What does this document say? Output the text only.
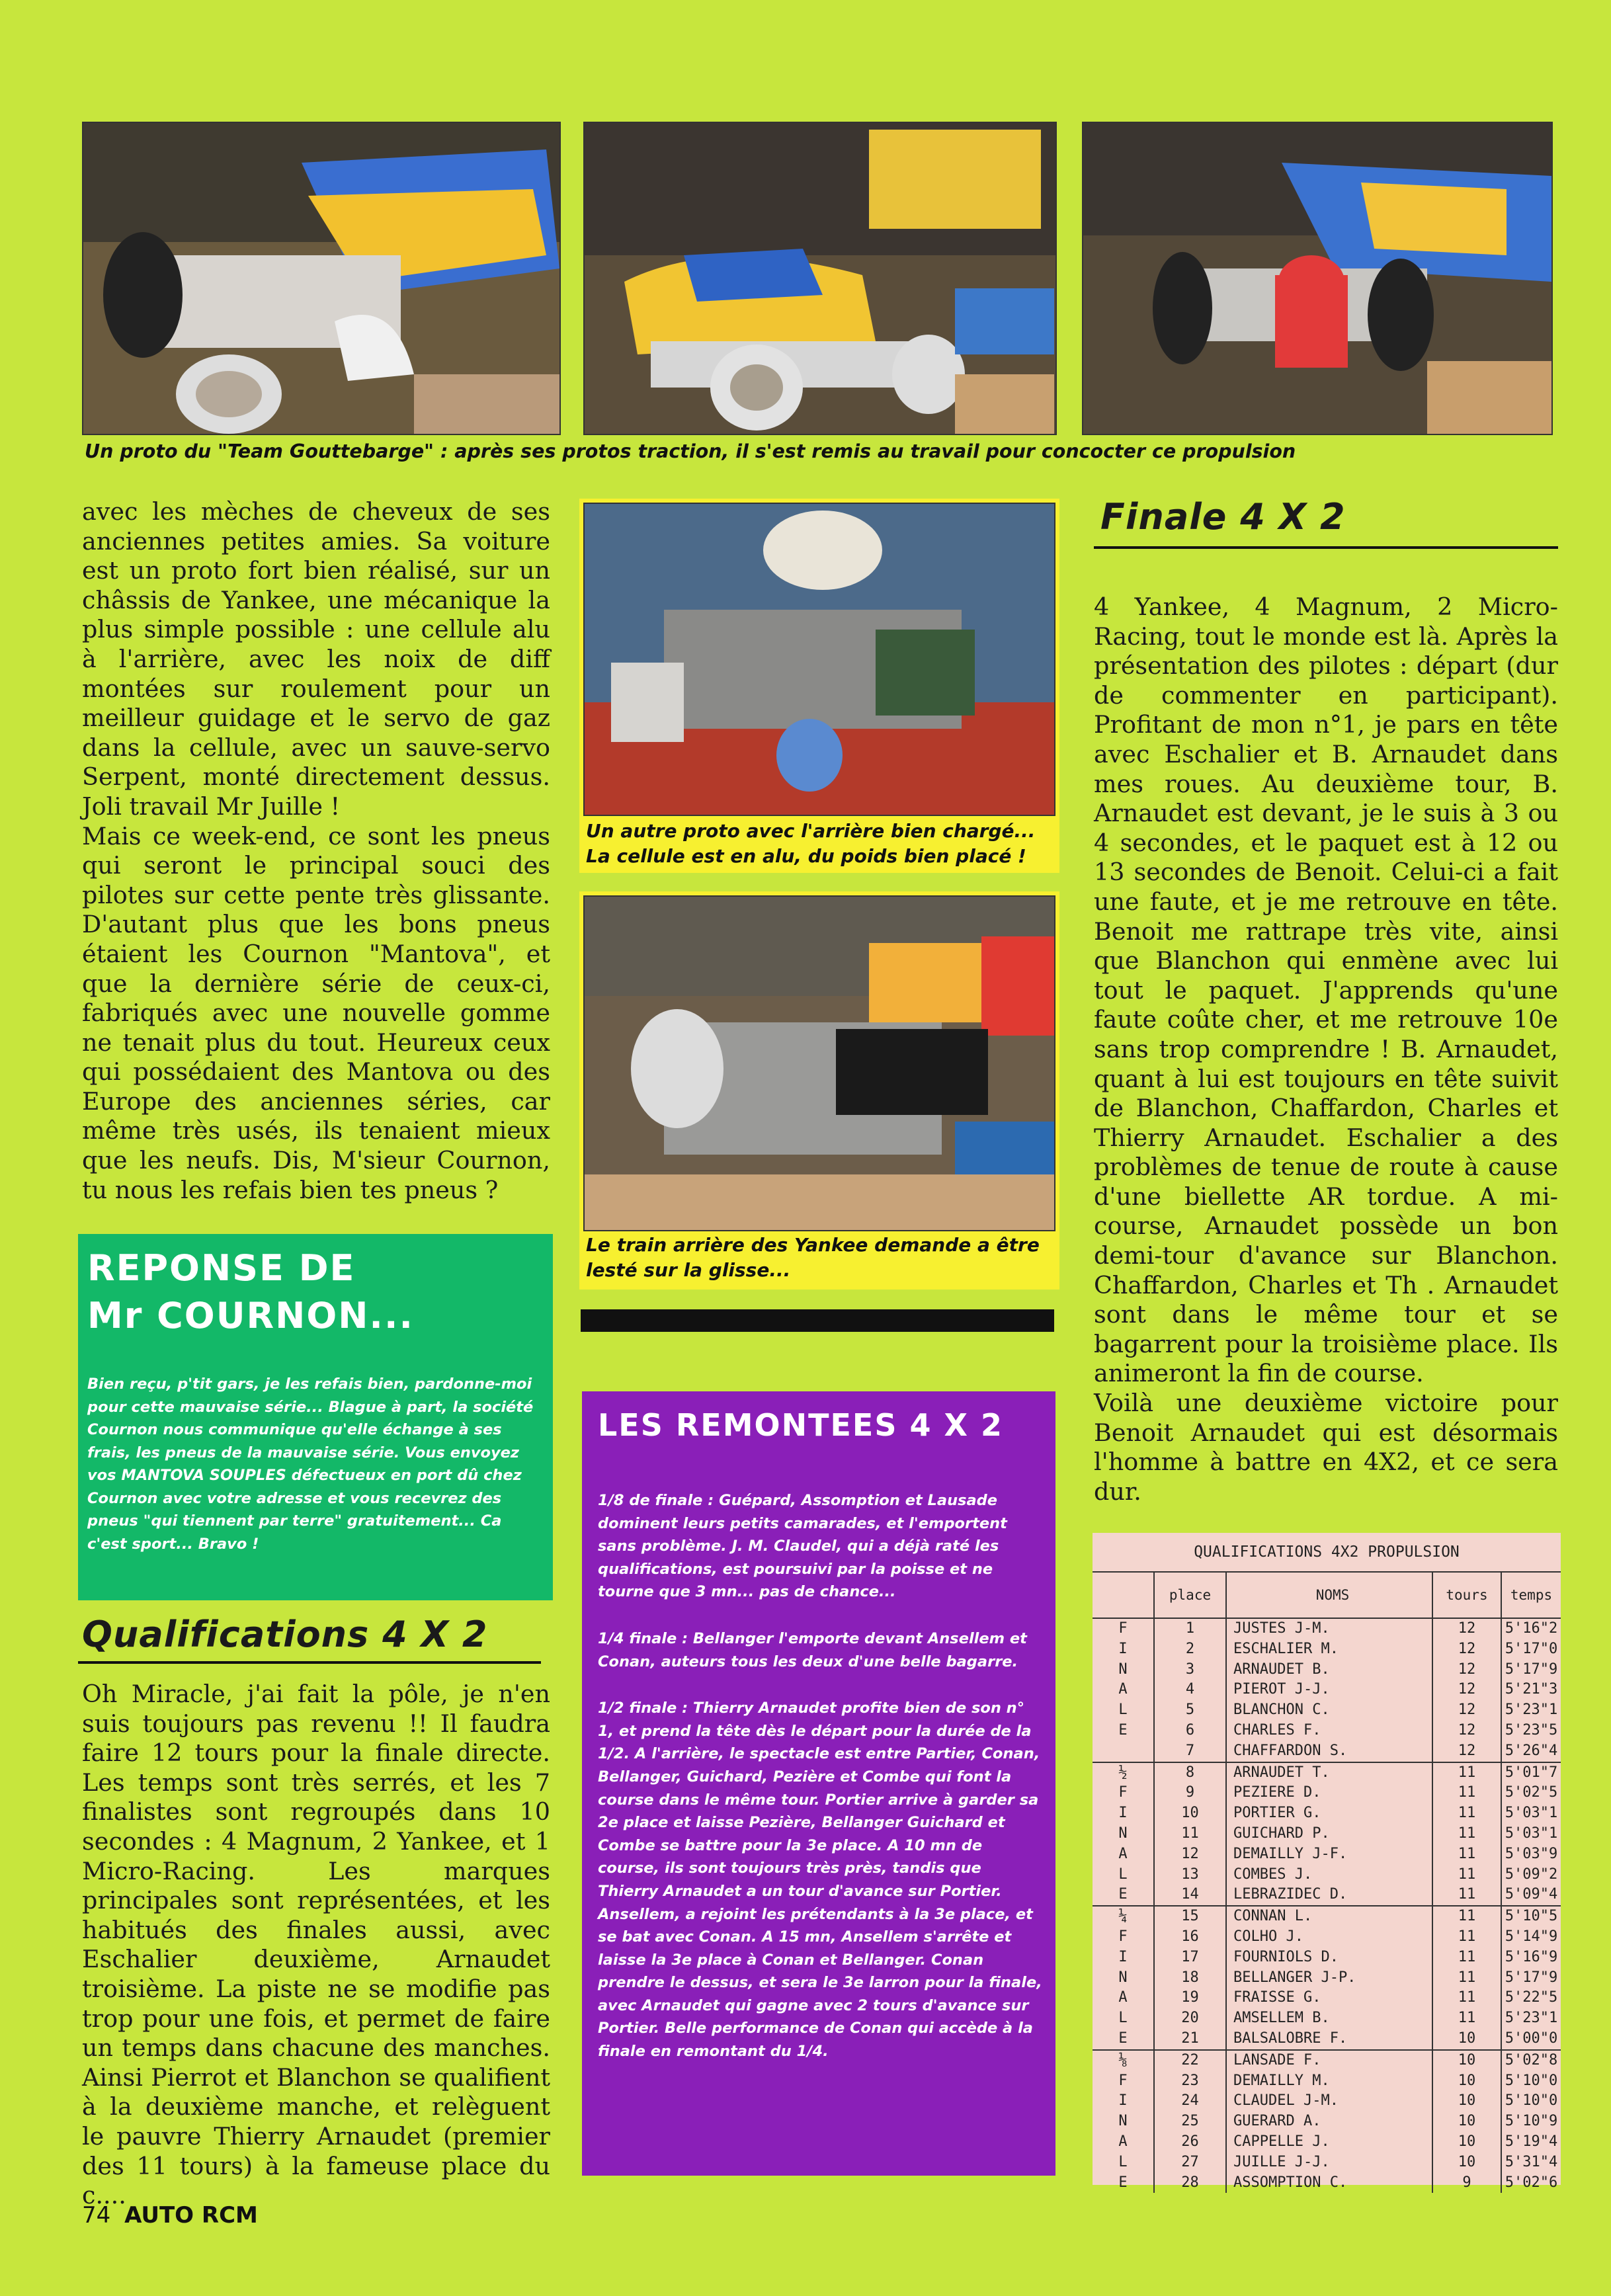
Un proto du "Team Gouttebarge" : après ses protos traction, il s'est remis au travail pour concocter ce propulsion

avec les mèches de cheveux de ses anciennes petites amies. Sa voiture est un proto fort bien réalisé, sur un châssis de Yankee, une mécanique la plus simple possible : une cellule alu à l'arrière, avec les noix de diff montées sur roulement pour un meilleur guidage et le servo de gaz dans la cellule, avec un sauve-servo Serpent, monté directement dessus. Joli travail Mr Juille !

Mais ce week-end, ce sont les pneus qui seront le principal souci des pilotes sur cette pente très glissante. D'autant plus que les bons pneus étaient les Cournon "Mantova", et que la dernière série de ceux-ci, fabriqués avec une nouvelle gomme ne tenait plus du tout. Heureux ceux qui possédaient des Mantova ou des Europe des anciennes séries, car même très usés, ils tenaient mieux que les neufs. Dis, M'sieur Cournon, tu nous les refais bien tes pneus ?

REPONSE DE
Mr COURNON...

Bien reçu, p'tit gars, je les refais bien, pardonne-moi pour cette mauvaise série... Blague à part, la société Cournon nous communique qu'elle échange à ses frais, les pneus de la mauvaise série. Vous envoyez vos MANTOVA SOUPLES défectueux en port dû chez Cournon avec votre adresse et vous recevrez des pneus "qui tiennent par terre" gratuitement... Ca c'est sport... Bravo !

Qualifications 4 X 2

Oh Miracle, j'ai fait la pôle, je n'en suis toujours pas revenu !! Il faudra faire 12 tours pour la finale directe. Les temps sont très serrés, et les 7 finalistes sont regroupés dans 10 secondes : 4 Magnum, 2 Yankee, et 1 Micro-Racing. Les marques principales sont représentées, et les habitués des finales aussi, avec Eschalier deuxième, Arnaudet troisième. La piste ne se modifie pas trop pour une fois, et permet de faire un temps dans chacune des manches. Ainsi Pierrot et Blanchon se qualifient à la deuxième manche, et relèguent le pauvre Thierry Arnaudet (premier des 11 tours) à la fameuse place du c....

74 AUTO RCM
Un autre proto avec l'arrière bien chargé... La cellule est en alu, du poids bien placé !
Le train arrière des Yankee demande a être lesté sur la glisse...
LES REMONTEES 4 X 2

1/8 de finale : Guépard, Assomption et Lausade dominent leurs petits camarades, et l'emportent sans problème. J. M. Claudel, qui a déjà raté les qualifications, est poursuivi par la poisse et ne tourne que 3 mn... pas de chance...

1/4 finale : Bellanger l'emporte devant Ansellem et Conan, auteurs tous les deux d'une belle bagarre.

1/2 finale : Thierry Arnaudet profite bien de son n° 1, et prend la tête dès le départ pour la durée de la 1/2. A l'arrière, le spectacle est entre Partier, Conan, Bellanger, Guichard, Pezière et Combe qui font la course dans le même tour. Portier arrive à garder sa 2e place et laisse Pezière, Bellanger Guichard et Combe se battre pour la 3e place. A 10 mn de course, ils sont toujours très près, tandis que Thierry Arnaudet a un tour d'avance sur Portier. Ansellem, a rejoint les prétendants à la 3e place, et se bat avec Conan. A 15 mn, Ansellem s'arrête et laisse la 3e place à Conan et Bellanger. Conan prendre le dessus, et sera le 3e larron pour la finale, avec Arnaudet qui gagne avec 2 tours d'avance sur Portier. Belle performance de Conan qui accède à la finale en remontant du 1/4.

Finale 4 X 2

4 Yankee, 4 Magnum, 2 Micro-Racing, tout le monde est là. Après la présentation des pilotes : départ (dur de commenter en participant). Profitant de mon n°1, je pars en tête avec Eschalier et B. Arnaudet dans mes roues. Au deuxième tour, B. Arnaudet est devant, je le suis à 3 ou 4 secondes, et le paquet est à 12 ou 13 secondes de Benoit. Celui-ci a fait une faute, et je me retrouve en tête. Benoit me rattrape très vite, ainsi que Blanchon qui enmène avec lui tout le paquet. J'apprends qu'une faute coûte cher, et me retrouve 10e sans trop comprendre ! B. Arnaudet, quant à lui est toujours en tête suivit de Blanchon, Chaffardon, Charles et Thierry Arnaudet. Eschalier a des problèmes de tenue de route à cause d'une biellette AR tordue. A mi-course, Arnaudet possède un bon demi-tour d'avance sur Blanchon. Chaffardon, Charles et Th . Arnaudet sont dans le même tour et se bagarrent pour la troisième place. Ils animeront la fin de course.

Voilà une deuxième victoire pour Benoit Arnaudet qui est désormais l'homme à battre en 4X2, et ce sera dur.

QUALIFICATIONS 4X2 PROPULSION
	place	NOMS	tours	temps
F	1	JUSTES J-M.	12	5'16"2
I	2	ESCHALIER M.	12	5'17"0
N	3	ARNAUDET B.	12	5'17"9
A	4	PIEROT J-J.	12	5'21"3
L	5	BLANCHON C.	12	5'23"1
E	6	CHARLES F.	12	5'23"5
	7	CHAFFARDON S.	12	5'26"4
½	8	ARNAUDET T.	11	5'01"7
F	9	PEZIERE D.	11	5'02"5
I	10	PORTIER G.	11	5'03"1
N	11	GUICHARD P.	11	5'03"1
A	12	DEMAILLY J-F.	11	5'03"9
L	13	COMBES J.	11	5'09"2
E	14	LEBRAZIDEC D.	11	5'09"4
¼	15	CONNAN L.	11	5'10"5
F	16	COLHO J.	11	5'14"9
I	17	FOURNIOLS D.	11	5'16"9
N	18	BELLANGER J-P.	11	5'17"9
A	19	FRAISSE G.	11	5'22"5
L	20	AMSELLEM B.	11	5'23"1
E	21	BALSALOBRE F.	10	5'00"0
⅛	22	LANSADE F.	10	5'02"8
F	23	DEMAILLY M.	10	5'10"0
I	24	CLAUDEL J-M.	10	5'10"0
N	25	GUERARD A.	10	5'10"9
A	26	CAPPELLE J.	10	5'19"4
L	27	JUILLE J-J.	10	5'31"4
E	28	ASSOMPTION C.	9	5'02"6
